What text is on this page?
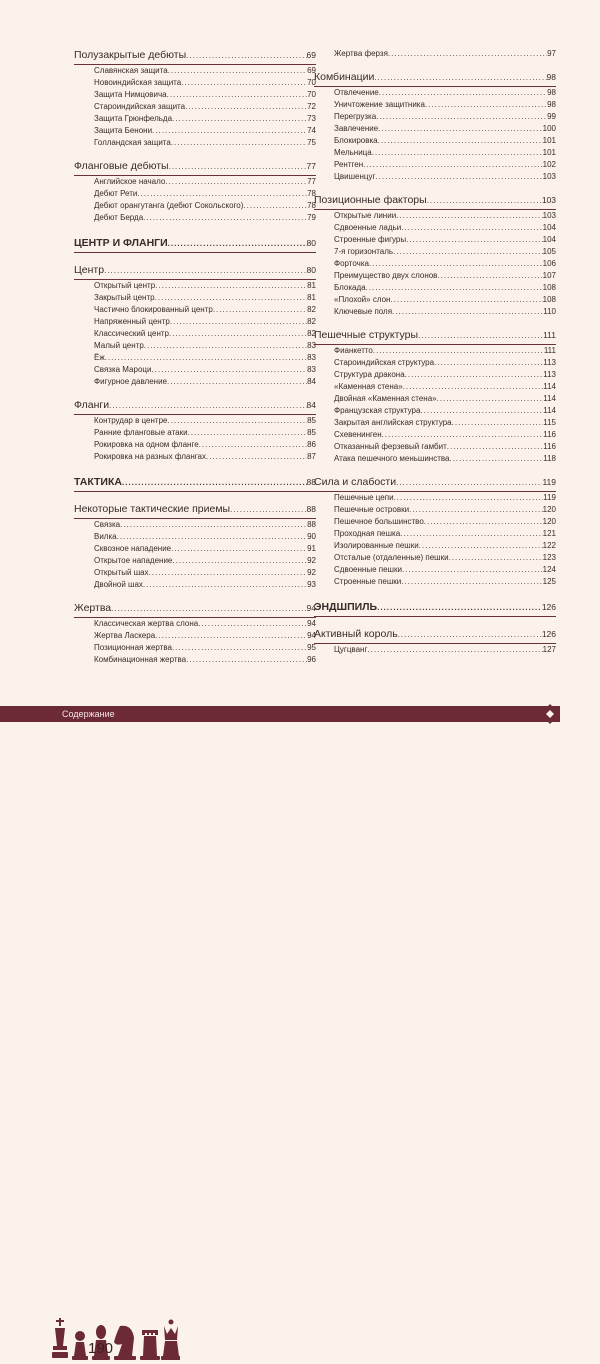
Полузакрытые дебюты .....	69
Славянская защита .....	69
Новоиндийская защита .....	70
Защита Нимцовича .....	70
Староиндийская защита .....	72
Защита Грюнфельда .....	73
Защита Бенони .....	74
Голландская защита .....	75
Фланговые дебюты .....	77
Английское начало .....	77
Дебют Рети .....	78
Дебют орангутанга (дебют Сокольского) .....	78
Дебют Берда .....	79
ЦЕНТР И ФЛАНГИ .....	80
Центр .....	80
Открытый центр .....	81
Закрытый центр .....	81
Частично блокированный центр .....	82
Напряженный центр .....	82
Классический центр .....	82
Малый центр .....	83
Ёж .....	83
Связка Мароци .....	83
Фигурное давление .....	84
Фланги .....	84
Контрудар в центре .....	85
Ранние фланговые атаки .....	85
Рокировка на одном фланге .....	86
Рокировка на разных флангах .....	87
ТАКТИКА .....	88
Некоторые тактические приемы .....	88
Связка .....	88
Вилка .....	90
Сквозное нападение .....	91
Открытое нападение .....	92
Открытый шах .....	92
Двойной шах .....	93
Жертва .....	94
Классическая жертва слона .....	94
Жертва Ласкера .....	94
Позиционная жертва .....	95
Комбинационная жертва .....	96
Жертва ферзя .....	97
Комбинации .....	98
Отвлечение .....	98
Уничтожение защитника .....	98
Перегрузка .....	99
Завлечение .....	100
Блокировка .....	101
Мельница .....	101
Рентген .....	102
Цвишенцуг .....	103
Позиционные факторы .....	103
Открытые линии .....	103
Сдвоенные ладьи .....	104
Строенные фигуры .....	104
7-я горизонталь .....	105
Форточка .....	106
Преимущество двух слонов .....	107
Блокада .....	108
«Плохой» слон .....	108
Ключевые поля .....	110
Пешечные структуры .....	111
Фианкетто .....	111
Староиндийская структура .....	113
Структура дракона .....	113
«Каменная стена» .....	114
Двойная «Каменная стена» .....	114
Французская структура .....	114
Закрытая английская структура .....	115
Схевенинген .....	116
Отказанный ферзевый гамбит .....	116
Атака пешечного меньшинства .....	118
Сила и слабости .....	119
Пешечные цепи .....	119
Пешечные островки .....	120
Пешечное большинство .....	120
Проходная пешка .....	121
Изолированные пешки .....	122
Отсталые (отдаленные) пешки .....	123
Сдвоенные пешки .....	124
Строенные пешки .....	125
ЭНДШПИЛЬ .....	126
Активный король .....	126
Цугцванг .....	127
190
Содержание
